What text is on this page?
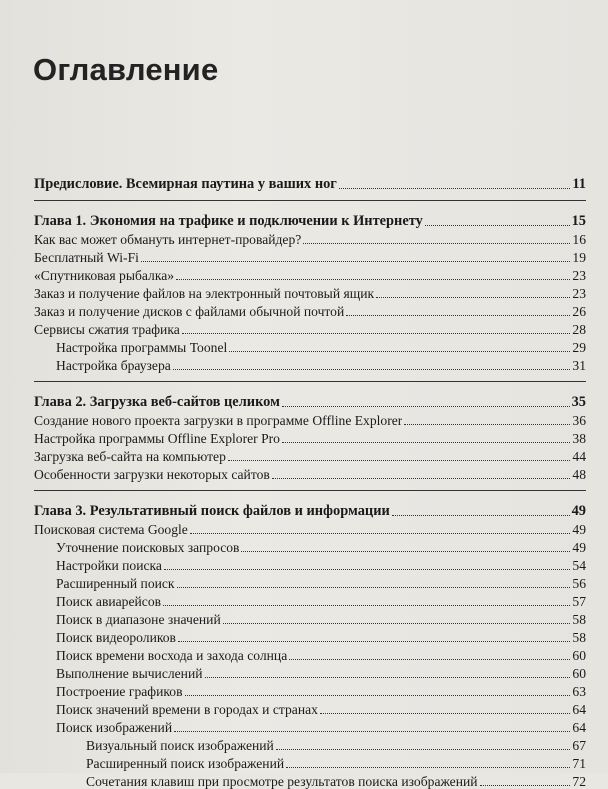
Оглавление
Предисловие. Всемирная паутина у ваших ног	11
Глава 1. Экономия на трафике и подключении к Интернету	15
Как вас может обмануть интернет-провайдер?	16
Бесплатный Wi-Fi	19
«Спутниковая рыбалка»	23
Заказ и получение файлов на электронный почтовый ящик	23
Заказ и получение дисков с файлами обычной почтой	26
Сервисы сжатия трафика	28
Настройка программы Toonel	29
Настройка браузера	31
Глава 2. Загрузка веб-сайтов целиком	35
Создание нового проекта загрузки в программе Offline Explorer	36
Настройка программы Offline Explorer Pro	38
Загрузка веб-сайта на компьютер	44
Особенности загрузки некоторых сайтов	48
Глава 3. Результативный поиск файлов и информации	49
Поисковая система Google	49
Уточнение поисковых запросов	49
Настройки поиска	54
Расширенный поиск	56
Поиск авиарейсов	57
Поиск в диапазоне значений	58
Поиск видеороликов	58
Поиск времени восхода и захода солнца	60
Выполнение вычислений	60
Построение графиков	63
Поиск значений времени в городах и странах	64
Поиск изображений	64
Визуальный поиск изображений	67
Расширенный поиск изображений	71
Сочетания клавиш при просмотре результатов поиска изображений	72
